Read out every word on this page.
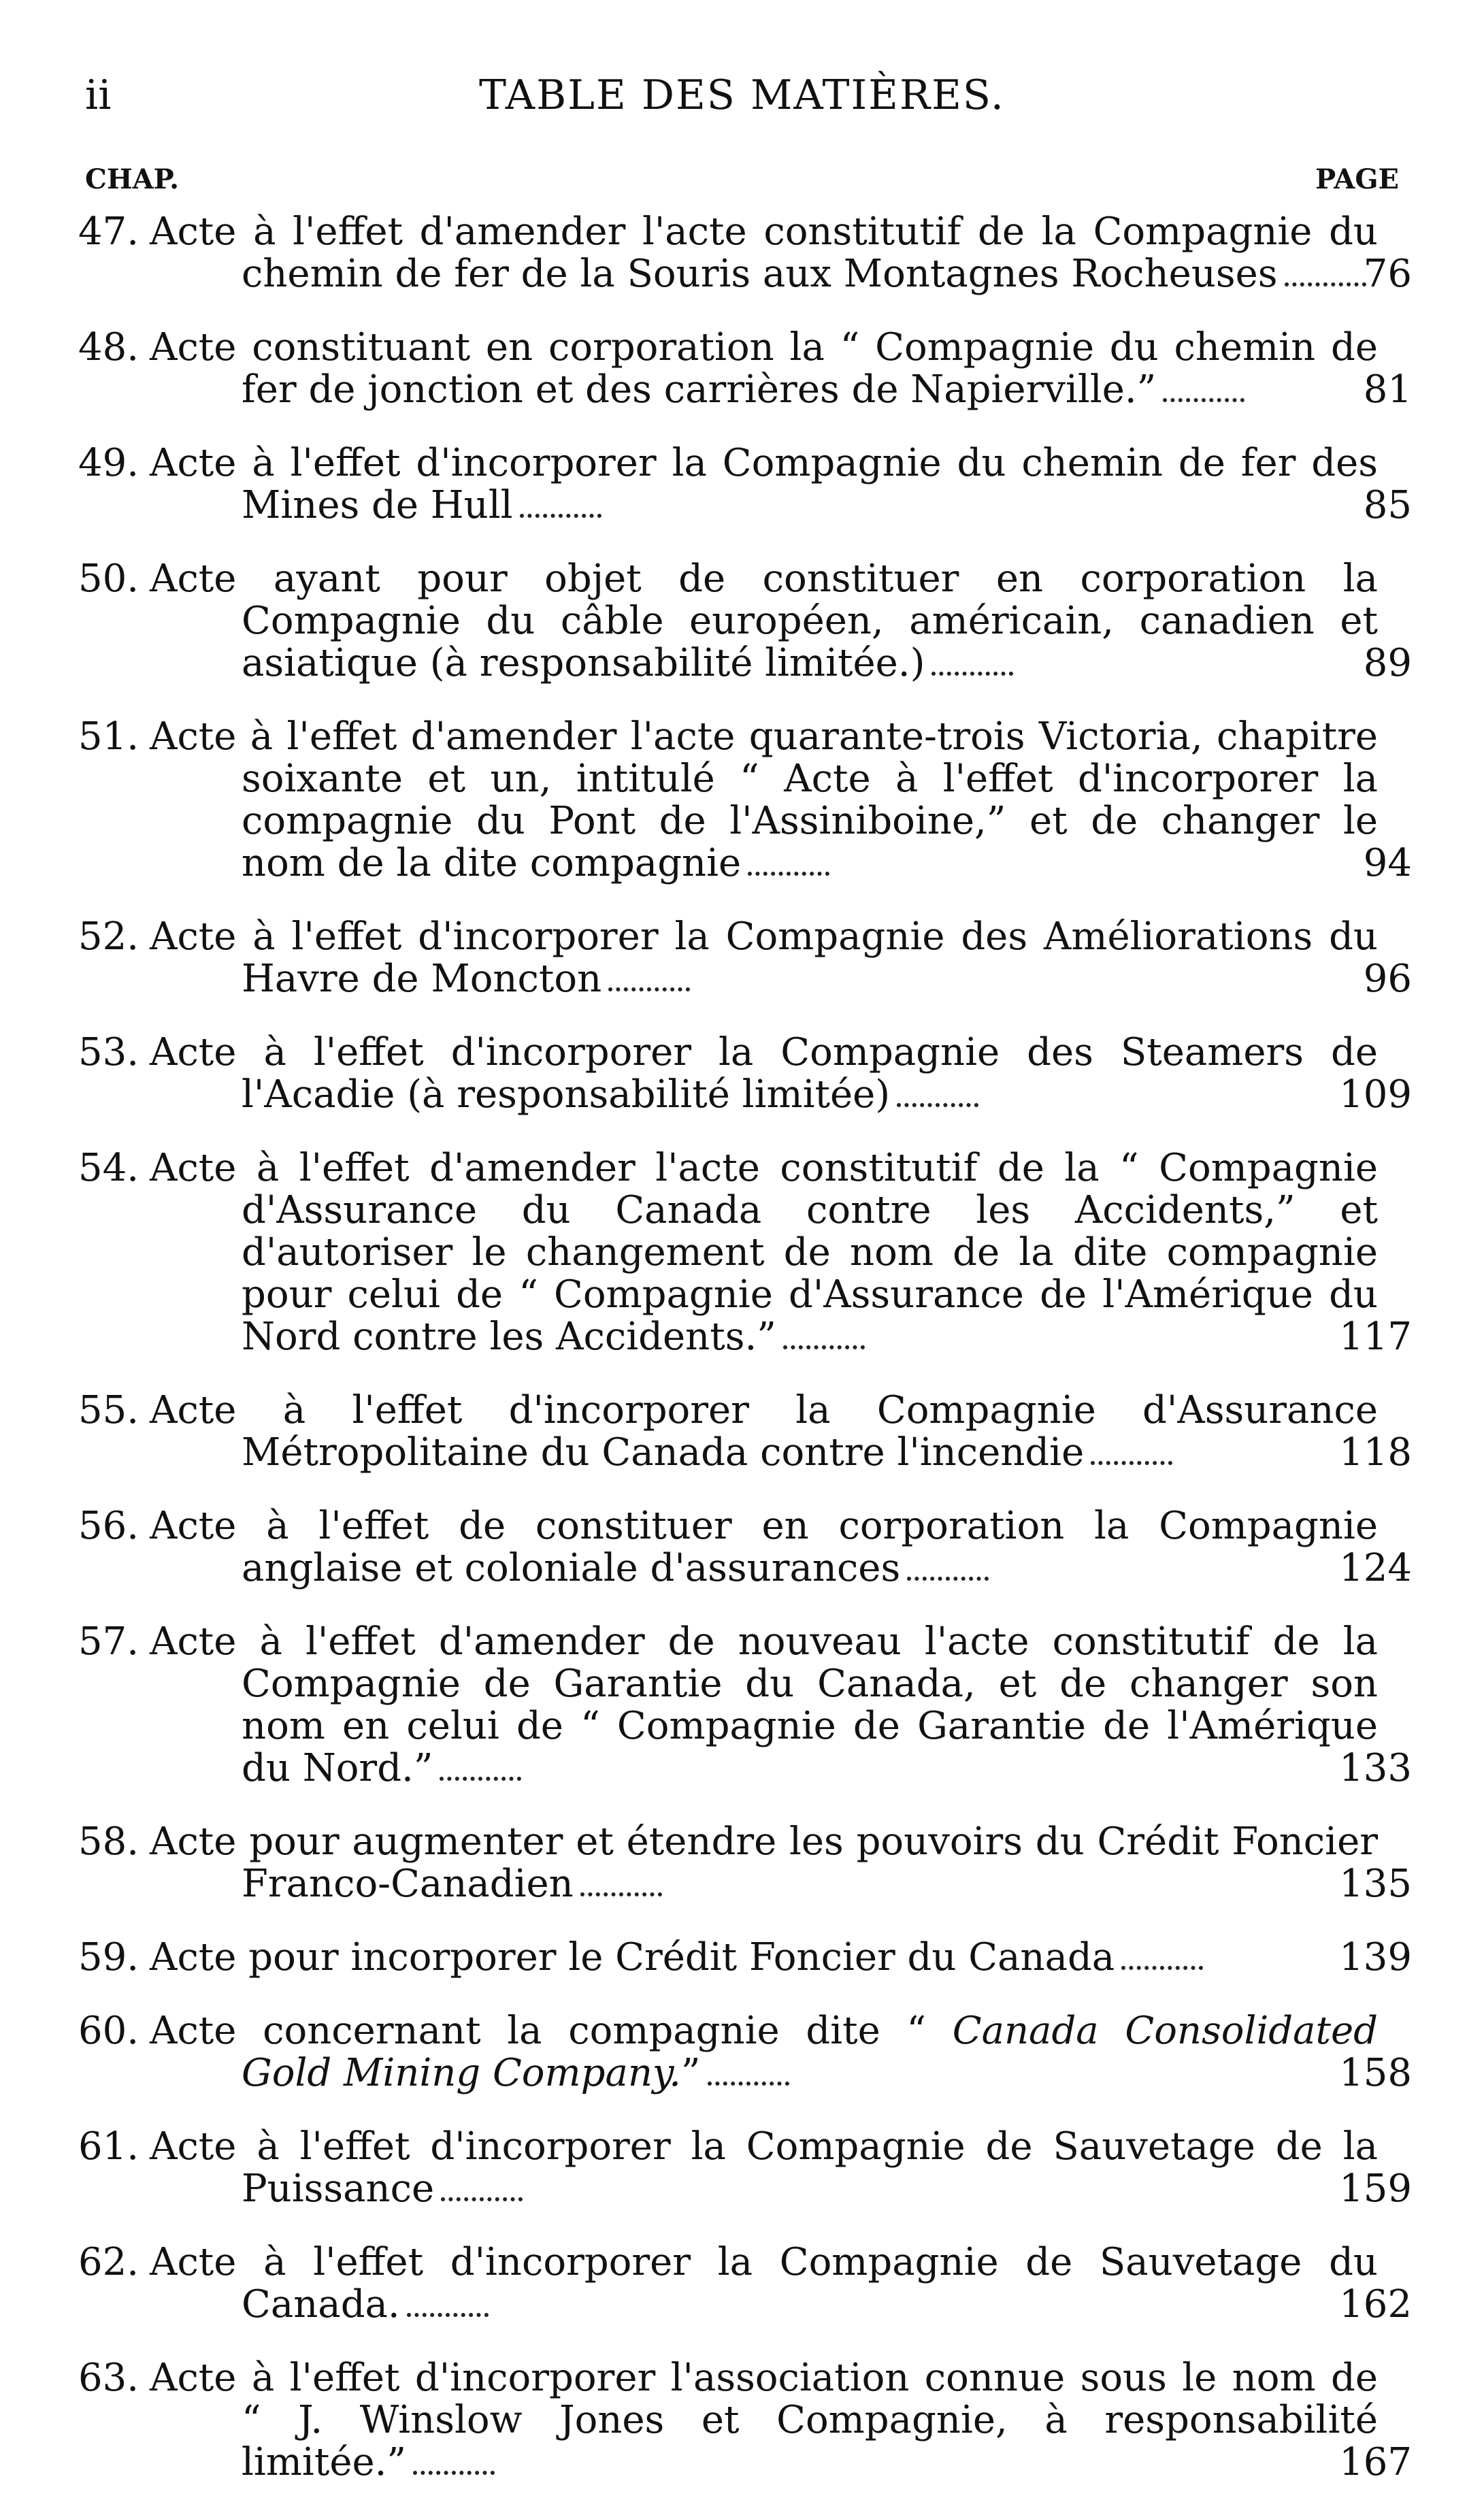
ii	TABLE DES MATIÈRES.
CHAP.	PAGE
47. Acte à l'effet d'amender l'acte constitutif de la Compagnie du chemin de fer de la Souris aux Montagnes Rocheuses	76
48. Acte constituant en corporation la “ Compagnie du chemin de fer de jonction et des carrières de Napierville.”	81
49. Acte à l'effet d'incorporer la Compagnie du chemin de fer des Mines de Hull	85
50. Acte ayant pour objet de constituer en corporation la Compagnie du câble européen, américain, canadien et asiatique (à responsabilité limitée.)	89
51. Acte à l'effet d'amender l'acte quarante-trois Victoria, chapitre soixante et un, intitulé “ Acte à l'effet d'incorporer la compagnie du Pont de l'Assiniboine,” et de changer le nom de la dite compagnie	94
52. Acte à l'effet d'incorporer la Compagnie des Améliorations du Havre de Moncton	96
53. Acte à l'effet d'incorporer la Compagnie des Steamers de l'Acadie (à responsabilité limitée)	109
54. Acte à l'effet d'amender l'acte constitutif de la “ Compagnie d'Assurance du Canada contre les Accidents,” et d'autoriser le changement de nom de la dite compagnie pour celui de “ Compagnie d'Assurance de l'Amérique du Nord contre les Accidents.”	117
55. Acte à l'effet d'incorporer la Compagnie d'Assurance Métropolitaine du Canada contre l'incendie	118
56. Acte à l'effet de constituer en corporation la Compagnie anglaise et coloniale d'assurances	124
57. Acte à l'effet d'amender de nouveau l'acte constitutif de la Compagnie de Garantie du Canada, et de changer son nom en celui de “ Compagnie de Garantie de l'Amérique du Nord.”	133
58. Acte pour augmenter et étendre les pouvoirs du Crédit Foncier Franco-Canadien	135
59. Acte pour incorporer le Crédit Foncier du Canada	139
60. Acte concernant la compagnie dite “ Canada Consolidated Gold Mining Company.”	158
61. Acte à l'effet d'incorporer la Compagnie de Sauvetage de la Puissance	159
62. Acte à l'effet d'incorporer la Compagnie de Sauvetage du Canada.	162
63. Acte à l'effet d'incorporer l'association connue sous le nom de “ J. Winslow Jones et Compagnie, à responsabilité limitée.”	167
